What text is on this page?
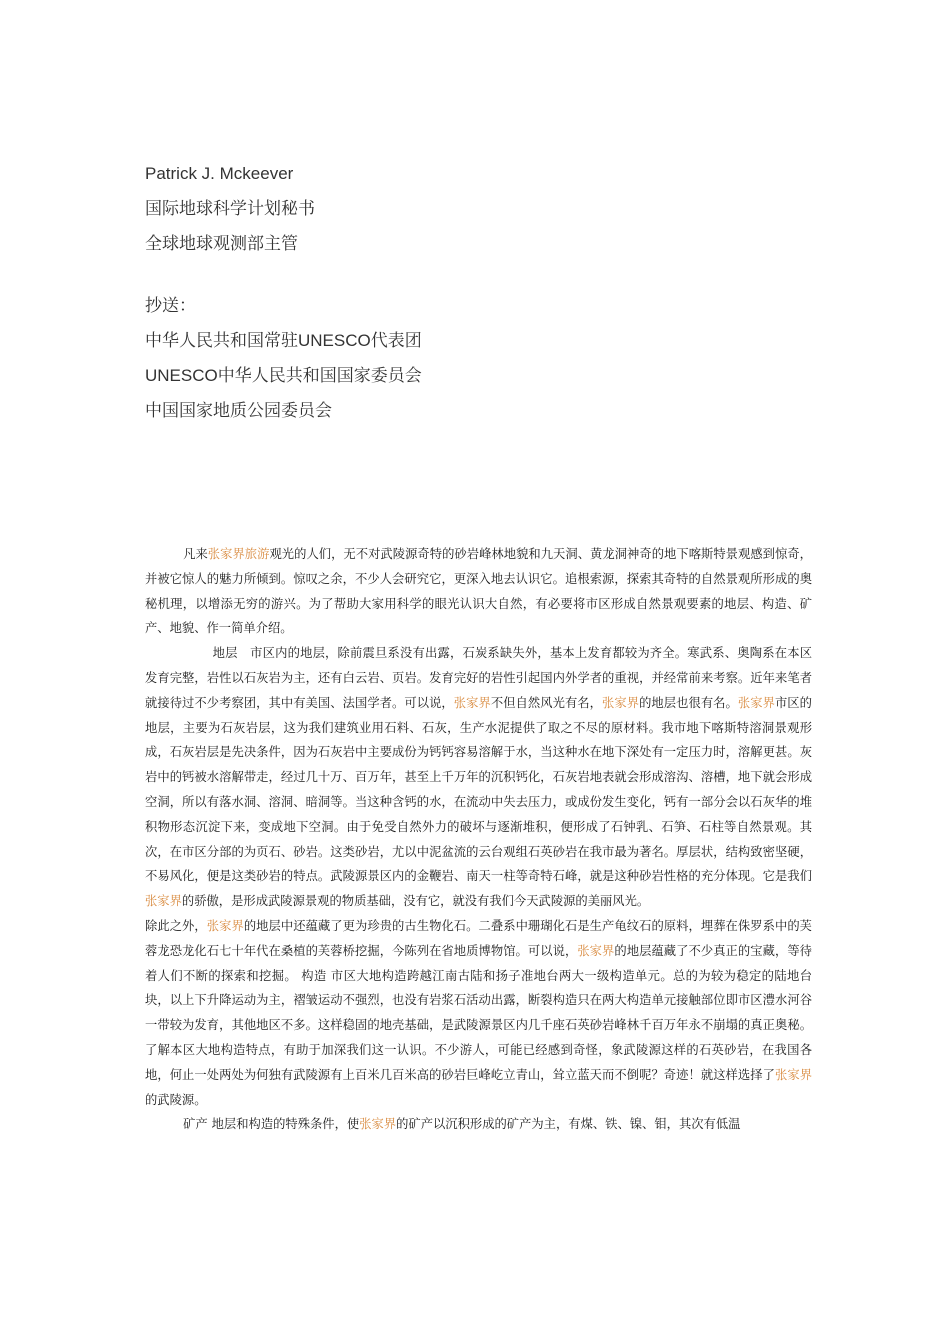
Patrick J. Mckeever

国际地球科学计划秘书

全球地球观测部主管

抄送：

中华人民共和国常驻UNESCO代表团

UNESCO中华人民共和国国家委员会

中国国家地质公园委员会

凡来张家界旅游观光的人们，无不对武陵源奇特的砂岩峰林地貌和九天洞、黄龙洞神奇的地下喀斯特景观感到惊奇，并被它惊人的魅力所倾到。惊叹之余，不少人会研究它，更深入地去认识它。追根索源，探索其奇特的自然景观所形成的奥秘机理，以增添无穷的游兴。为了帮助大家用科学的眼光认识大自然，有必要将市区形成自然景观要素的地层、构造、矿产、地貌、作一简单介绍。

地层　市区内的地层，除前震旦系没有出露，石炭系缺失外，基本上发育都较为齐全。寒武系、奥陶系在本区发育完整，岩性以石灰岩为主，还有白云岩、页岩。发育完好的岩性引起国内外学者的重视，并经常前来考察。近年来笔者就接待过不少考察团，其中有美国、法国学者。可以说，张家界不但自然风光有名，张家界的地层也很有名。张家界市区的地层，主要为石灰岩层，这为我们建筑业用石料、石灰，生产水泥提供了取之不尽的原材料。我市地下喀斯特溶洞景观形成，石灰岩层是先决条件，因为石灰岩中主要成份为钙钙容易溶解于水，当这种水在地下深处有一定压力时，溶解更甚。灰岩中的钙被水溶解带走，经过几十万、百万年，甚至上千万年的沉积钙化，石灰岩地表就会形成溶沟、溶槽，地下就会形成空洞，所以有落水洞、溶洞、暗洞等。当这种含钙的水，在流动中失去压力，或成份发生变化，钙有一部分会以石灰华的堆积物形态沉淀下来，变成地下空洞。由于免受自然外力的破坏与逐渐堆积，便形成了石钟乳、石笋、石柱等自然景观。其次，在市区分部的为页石、砂岩。这类砂岩，尤以中泥盆流的云台观组石英砂岩在我市最为著名。厚层状，结构致密坚硬，不易风化，便是这类砂岩的特点。武陵源景区内的金鞭岩、南天一柱等奇特石峰，就是这种砂岩性格的充分体现。它是我们张家界的骄傲，是形成武陵源景观的物质基础，没有它，就没有我们今天武陵源的美丽风光。

除此之外，张家界的地层中还蕴藏了更为珍贵的古生物化石。二叠系中珊瑚化石是生产龟纹石的原料，埋葬在侏罗系中的芙蓉龙恐龙化石七十年代在桑植的芙蓉桥挖掘，今陈列在省地质博物馆。可以说，张家界的地层蕴藏了不少真正的宝藏，等待着人们不断的探索和挖掘。 构造 市区大地构造跨越江南古陆和扬子准地台两大一级构造单元。总的为较为稳定的陆地台块，以上下升降运动为主，褶皱运动不强烈，也没有岩浆石活动出露，断裂构造只在两大构造单元接触部位即市区澧水河谷一带较为发育，其他地区不多。这样稳固的地壳基础，是武陵源景区内几千座石英砂岩峰林千百万年永不崩塌的真正奥秘。了解本区大地构造特点，有助于加深我们这一认识。不少游人，可能已经感到奇怪，象武陵源这样的石英砂岩，在我国各地，何止一处两处为何独有武陵源有上百米几百米高的砂岩巨峰屹立青山，耸立蓝天而不倒呢？奇迹！就这样选择了张家界的武陵源。

矿产 地层和构造的特殊条件，使张家界的矿产以沉积形成的矿产为主，有煤、铁、镍、钼，其次有低温
